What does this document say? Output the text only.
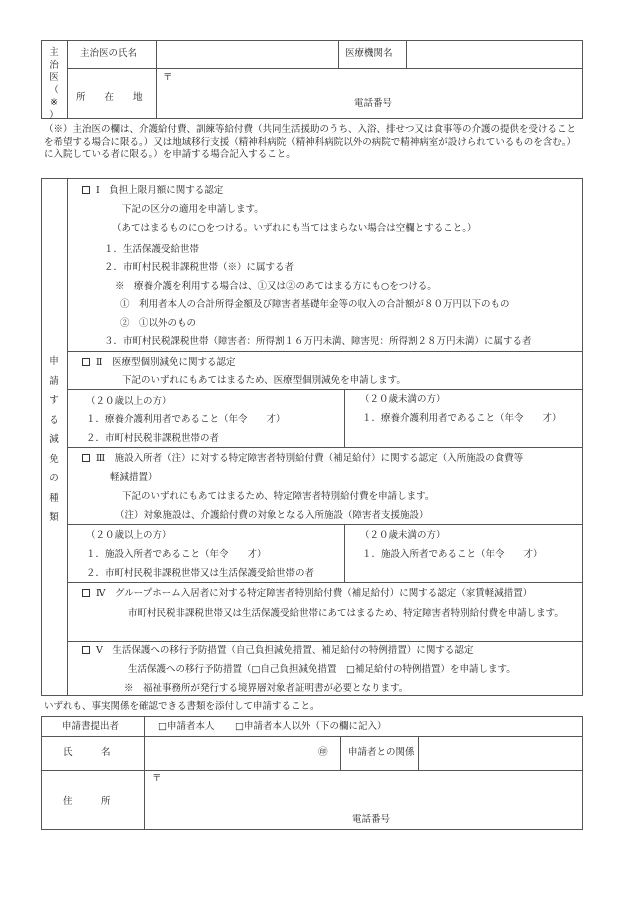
主
治
医
（
※
）
主治医の氏名	医療機関名
所　　在　　地
〒
電話番号
（※）主治医の欄は、介護給付費、訓練等給付費（共同生活援助のうち、入浴、排せつ又は食事等の介護の提供を受けることを希望する場合に限る。）又は地域移行支援（精神科病院（精神科病院以外の病院で精神病室が設けられているものを含む。）に入院している者に限る。）を申請する場合記入すること。
申
請
す
る
減
免
の
種
類
Ⅰ　負担上限月額に関する認定
下記の区分の適用を申請します。
（あてはまるものに○をつける。いずれにも当てはまらない場合は空欄とすること。）
１．生活保護受給世帯
２．市町村民税非課税世帯（※）に属する者
※　療養介護を利用する場合は、①又は②のあてはまる方にも○をつける。
①　利用者本人の合計所得金額及び障害者基礎年金等の収入の合計額が８０万円以下のもの
②　①以外のもの
３．市町村民税課税世帯（障害者：所得割１６万円未満、障害児：所得割２８万円未満）に属する者
Ⅱ　医療型個別減免に関する認定
下記のいずれにもあてはまるため、医療型個別減免を申請します。
（２０歳以上の方）
１．療養介護利用者であること（年令　　才）
２．市町村民税非課税世帯の者
（２０歳未満の方）
１．療養介護利用者であること（年令　　才）
Ⅲ　施設入所者（注）に対する特定障害者特別給付費（補足給付）に関する認定（入所施設の食費等
軽減措置）
下記のいずれにもあてはまるため、特定障害者特別給付費を申請します。
（注）対象施設は、介護給付費の対象となる入所施設（障害者支援施設）
（２０歳以上の方）
１．施設入所者であること（年令　　才）
２．市町村民税非課税世帯又は生活保護受給世帯の者
（２０歳未満の方）
１．施設入所者であること（年令　　才）
Ⅳ　グループホーム入居者に対する特定障害者特別給付費（補足給付）に関する認定（家賃軽減措置）
市町村民税非課税世帯又は生活保護受給世帯にあてはまるため、特定障害者特別給付費を申請します。
Ⅴ　生活保護への移行予防措置（自己負担減免措置、補足給付の特例措置）に関する認定
生活保護への移行予防措置（□自己負担減免措置　□補足給付の特例措置）を申請します。
※　福祉事務所が発行する境界層対象者証明書が必要となります。
いずれも、事実関係を確認できる書類を添付して申請すること。
申請書提出者	□申請者本人 □申請者本人以外（下の欄に記入）
氏　　　名	㊞ 申請者との関係
住　　　所
〒
電話番号
